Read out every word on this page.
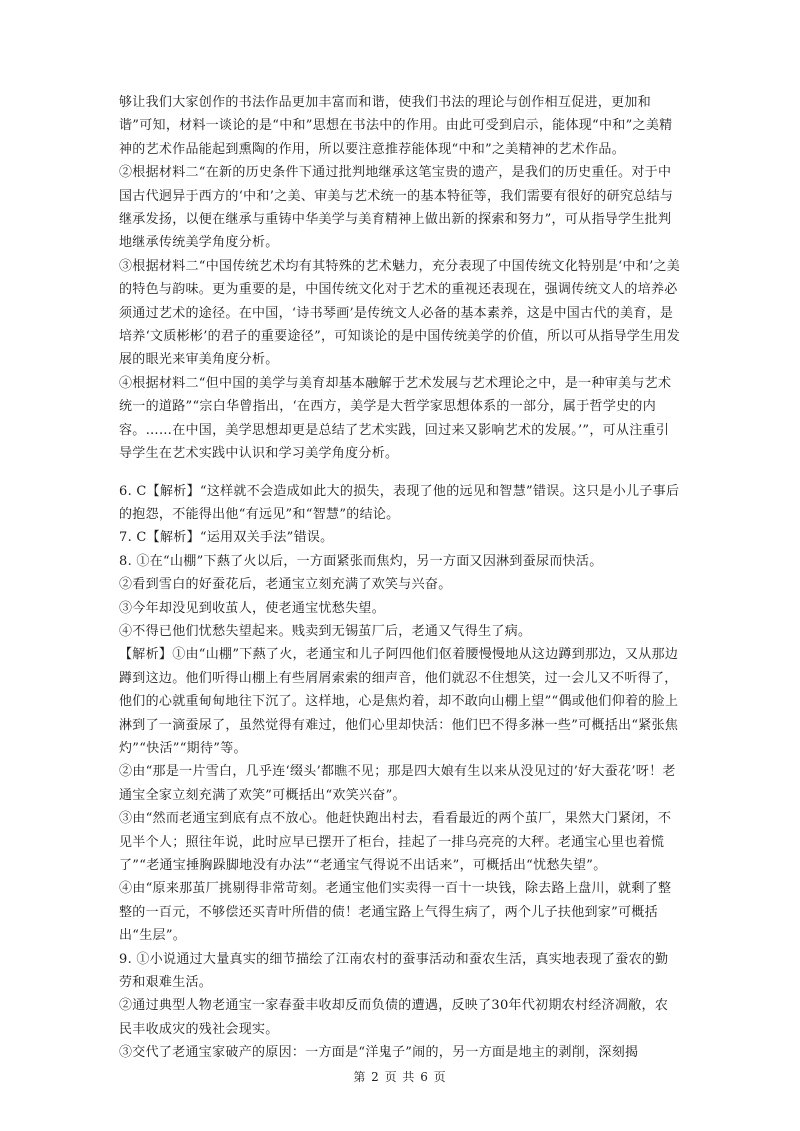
够让我们大家创作的书法作品更加丰富而和谐，使我们书法的理论与创作相互促进，更加和谐”可知，材料一谈论的是“中和”思想在书法中的作用。由此可受到启示，能体现“中和”之美精神的艺术作品能起到熏陶的作用，所以要注意推荐能体现“中和”之美精神的艺术作品。

②根据材料二“在新的历史条件下通过批判地继承这笔宝贵的遗产，是我们的历史重任。对于中国古代迥异于西方的‘中和’之美、审美与艺术统一的基本特征等，我们需要有很好的研究总结与继承发扬，以便在继承与重铸中华美学与美育精神上做出新的探索和努力”，可从指导学生批判地继承传统美学角度分析。

③根据材料二“中国传统艺术均有其特殊的艺术魅力，充分表现了中国传统文化特别是‘中和’之美的特色与韵味。更为重要的是，中国传统文化对于艺术的重视还表现在，强调传统文人的培养必须通过艺术的途径。在中国，‘诗书琴画’是传统文人必备的基本素养，这是中国古代的美育，是培养‘文质彬彬’的君子的重要途径”，可知谈论的是中国传统美学的价值，所以可从指导学生用发展的眼光来审美角度分析。

④根据材料二“但中国的美学与美育却基本融解于艺术发展与艺术理论之中，是一种审美与艺术统一的道路”“宗白华曾指出，‘在西方，美学是大哲学家思想体系的一部分，属于哲学史的内容。……在中国，美学思想却更是总结了艺术实践，回过来又影响艺术的发展。’”，可从注重引导学生在艺术实践中认识和学习美学角度分析。

6. C【解析】“这样就不会造成如此大的损失，表现了他的远见和智慧”错误。这只是小儿子事后的抱怨，不能得出他“有远见”和“智慧”的结论。

7. C【解析】“运用双关手法”错误。

8. ①在“山棚”下爇了火以后，一方面紧张而焦灼，另一方面又因淋到蚕尿而快活。

②看到雪白的好蚕花后，老通宝立刻充满了欢笑与兴奋。

③今年却没见到收茧人，使老通宝忧愁失望。

④不得已他们忧愁失望起来。贱卖到无锡茧厂后，老通又气得生了病。

【解析】①由“山棚”下爇了火，老通宝和儿子阿四他们伛着腰慢慢地从这边蹲到那边，又从那边蹲到这边。他们听得山棚上有些屑屑索索的细声音，他们就忍不住想笑，过一会儿又不听得了，他们的心就重甸甸地往下沉了。这样地，心是焦灼着，却不敢向山棚上望”“偶或他们仰着的脸上淋到了一滴蚕尿了，虽然觉得有难过，他们心里却快活：他们巴不得多淋一些”可概括出“紧张焦灼”“快活”“期待”等。

②由“那是一片雪白，几乎连‘缀头’都瞧不见；那是四大娘有生以来从没见过的’好大蚕花’呀！老通宝全家立刻充满了欢笑”可概括出“欢笑兴奋”。

③由“然而老通宝到底有点不放心。他赶快跑出村去，看看最近的两个茧厂，果然大门紧闭，不见半个人；照往年说，此时应早已摆开了柜台，挂起了一排乌亮亮的大秤。老通宝心里也着慌了”“老通宝捶胸跺脚地没有办法”“老通宝气得说不出话来”，可概括出“忧愁失望”。

④由“原来那茧厂挑剔得非常苛刻。老通宝他们实卖得一百十一块钱，除去路上盘川，就剩了整整的一百元，不够偿还买青叶所借的债！老通宝路上气得生病了，两个儿子扶他到家”可概括出“生层”。

9. ①小说通过大量真实的细节描绘了江南农村的蚕事活动和蚕农生活，真实地表现了蚕农的勤劳和艰难生活。

②通过典型人物老通宝一家春蚕丰收却反而负债的遭遇，反映了30年代初期农村经济凋敝，农民丰收成灾的残社会现实。

③交代了老通宝家破产的原因：一方面是“洋鬼子”闹的，另一方面是地主的剥削，深刻揭

第 2 页 共 6 页
